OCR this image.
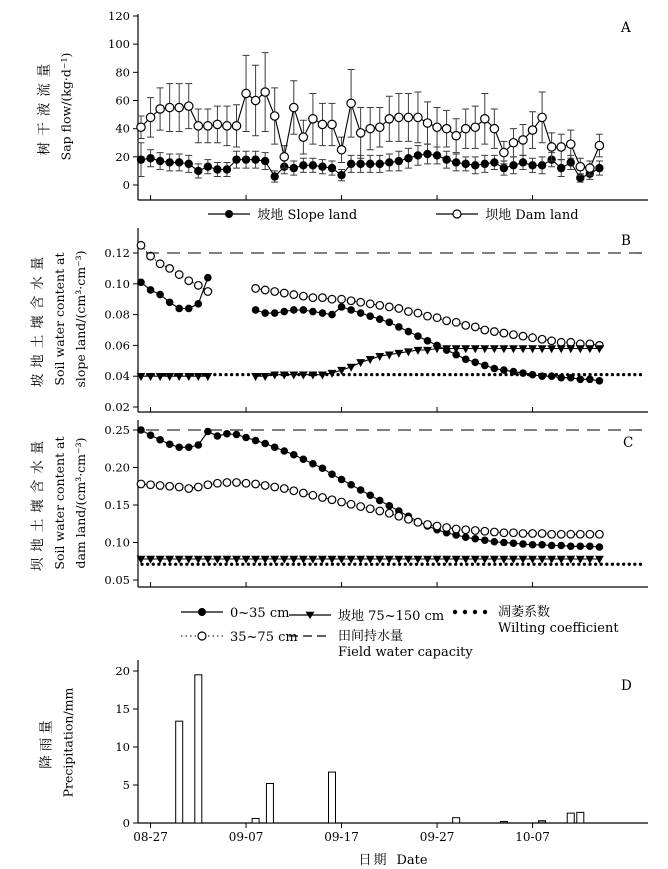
0
20
40
60
80
100
120
0.02
0.04
0.06
0.08
0.10
0.12
0.05
0.10
0.15
0.20
0.25
0
5
10
15
20
08-27	09-07	09-17	09-27	10-07
树干液流量 Sap flow/(kg·d⁻¹)
坡地土壤含水量 Soil water content at slope land/(cm³·cm⁻³)
坝地土壤含水量 Soil water content at dam land/(cm³·cm⁻³)
降雨量 Precipitation/mm
A
B
C
D
坡地 Slope land	坝地 Dam land
0~35 cm
35~75 cm
坡地 75~150 cm
田间持水量
Field water capacity
凋萎系数
Wilting coefficient
日期 Date
